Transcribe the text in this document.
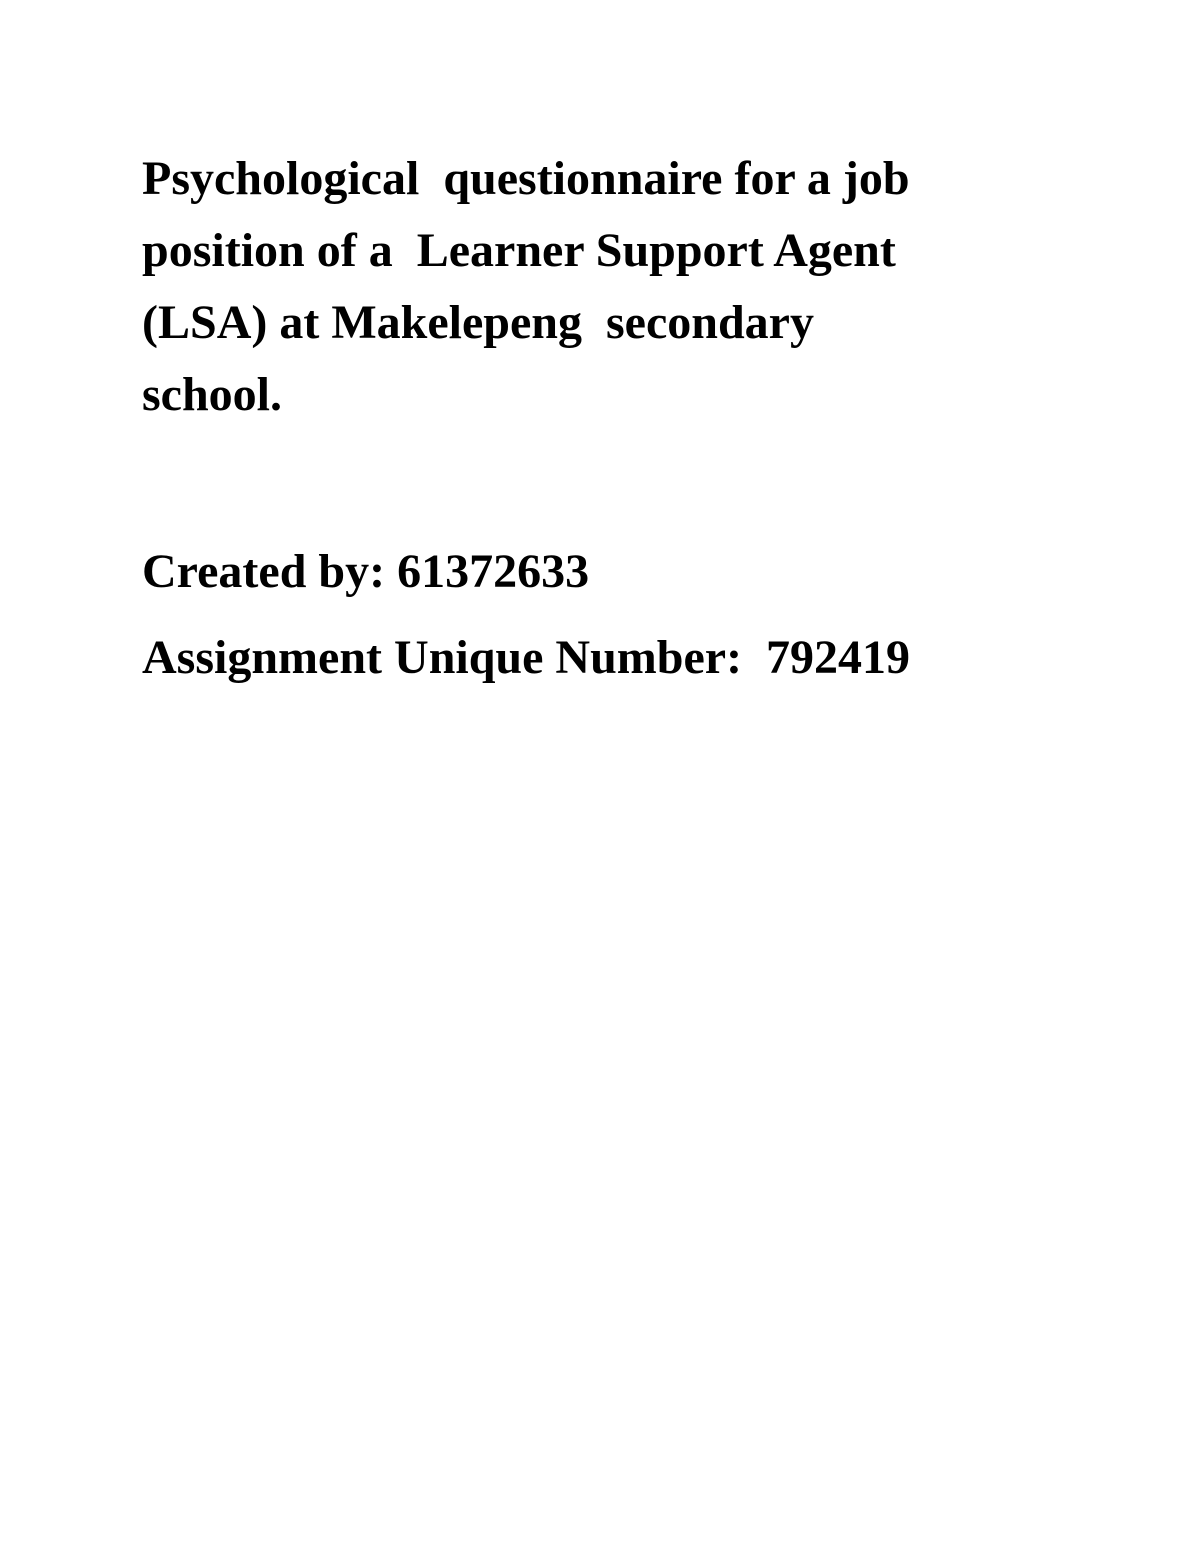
Psychological  questionnaire for a job
position of a  Learner Support Agent
(LSA) at Makelepeng  secondary
school.

Created by: 61372633

Assignment Unique Number:  792419
